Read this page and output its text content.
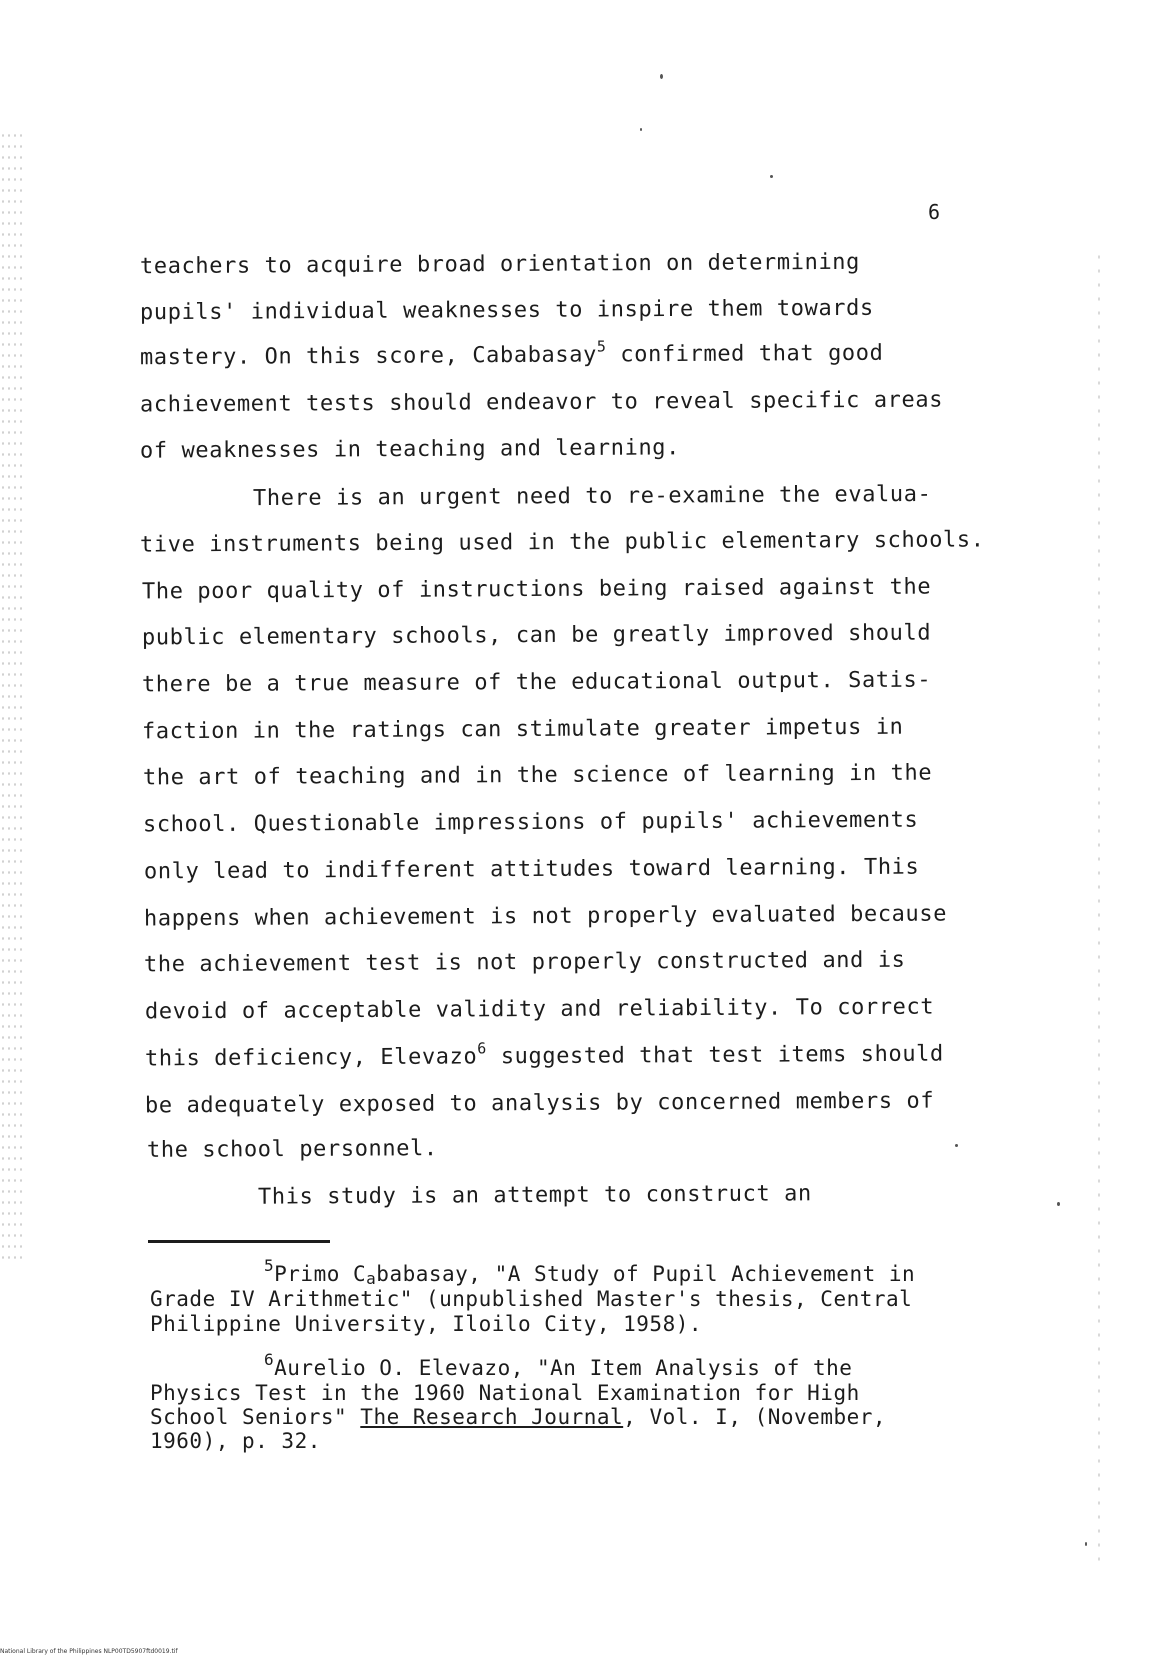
6
teachers to acquire broad orientation on determining
pupils' individual weaknesses to inspire them towards
mastery. On this score, Cababasay$^5$ confirmed that good
achievement tests should endeavor to reveal specific areas
of weaknesses in teaching and learning.
There is an urgent need to re-examine the evalua-
tive instruments being used in the public elementary schools.
The poor quality of instructions being raised against the
public elementary schools, can be greatly improved should
there be a true measure of the educational output. Satis-
faction in the ratings can stimulate greater impetus in
the art of teaching and in the science of learning in the
school. Questionable impressions of pupils' achievements
only lead to indifferent attitudes toward learning. This
happens when achievement is not properly evaluated because
the achievement test is not properly constructed and is
devoid of acceptable validity and reliability. To correct
this deficiency, Elevazo$^6$ suggested that test items should
be adequately exposed to analysis by concerned members of
the school personnel.
This study is an attempt to construct an
$^5$Primo Cababasay, "A Study of Pupil Achievement in
Grade IV Arithmetic" (unpublished Master's thesis, Central
Philippine University, Iloilo City, 1958).
$^6$Aurelio O. Elevazo, "An Item Analysis of the
Physics Test in the 1960 National Examination for High
School Seniors" The Research Journal, Vol. I, (November,
1960), p. 32.
National Library of the Philippines NLP00TD5907ftd0019.tif
